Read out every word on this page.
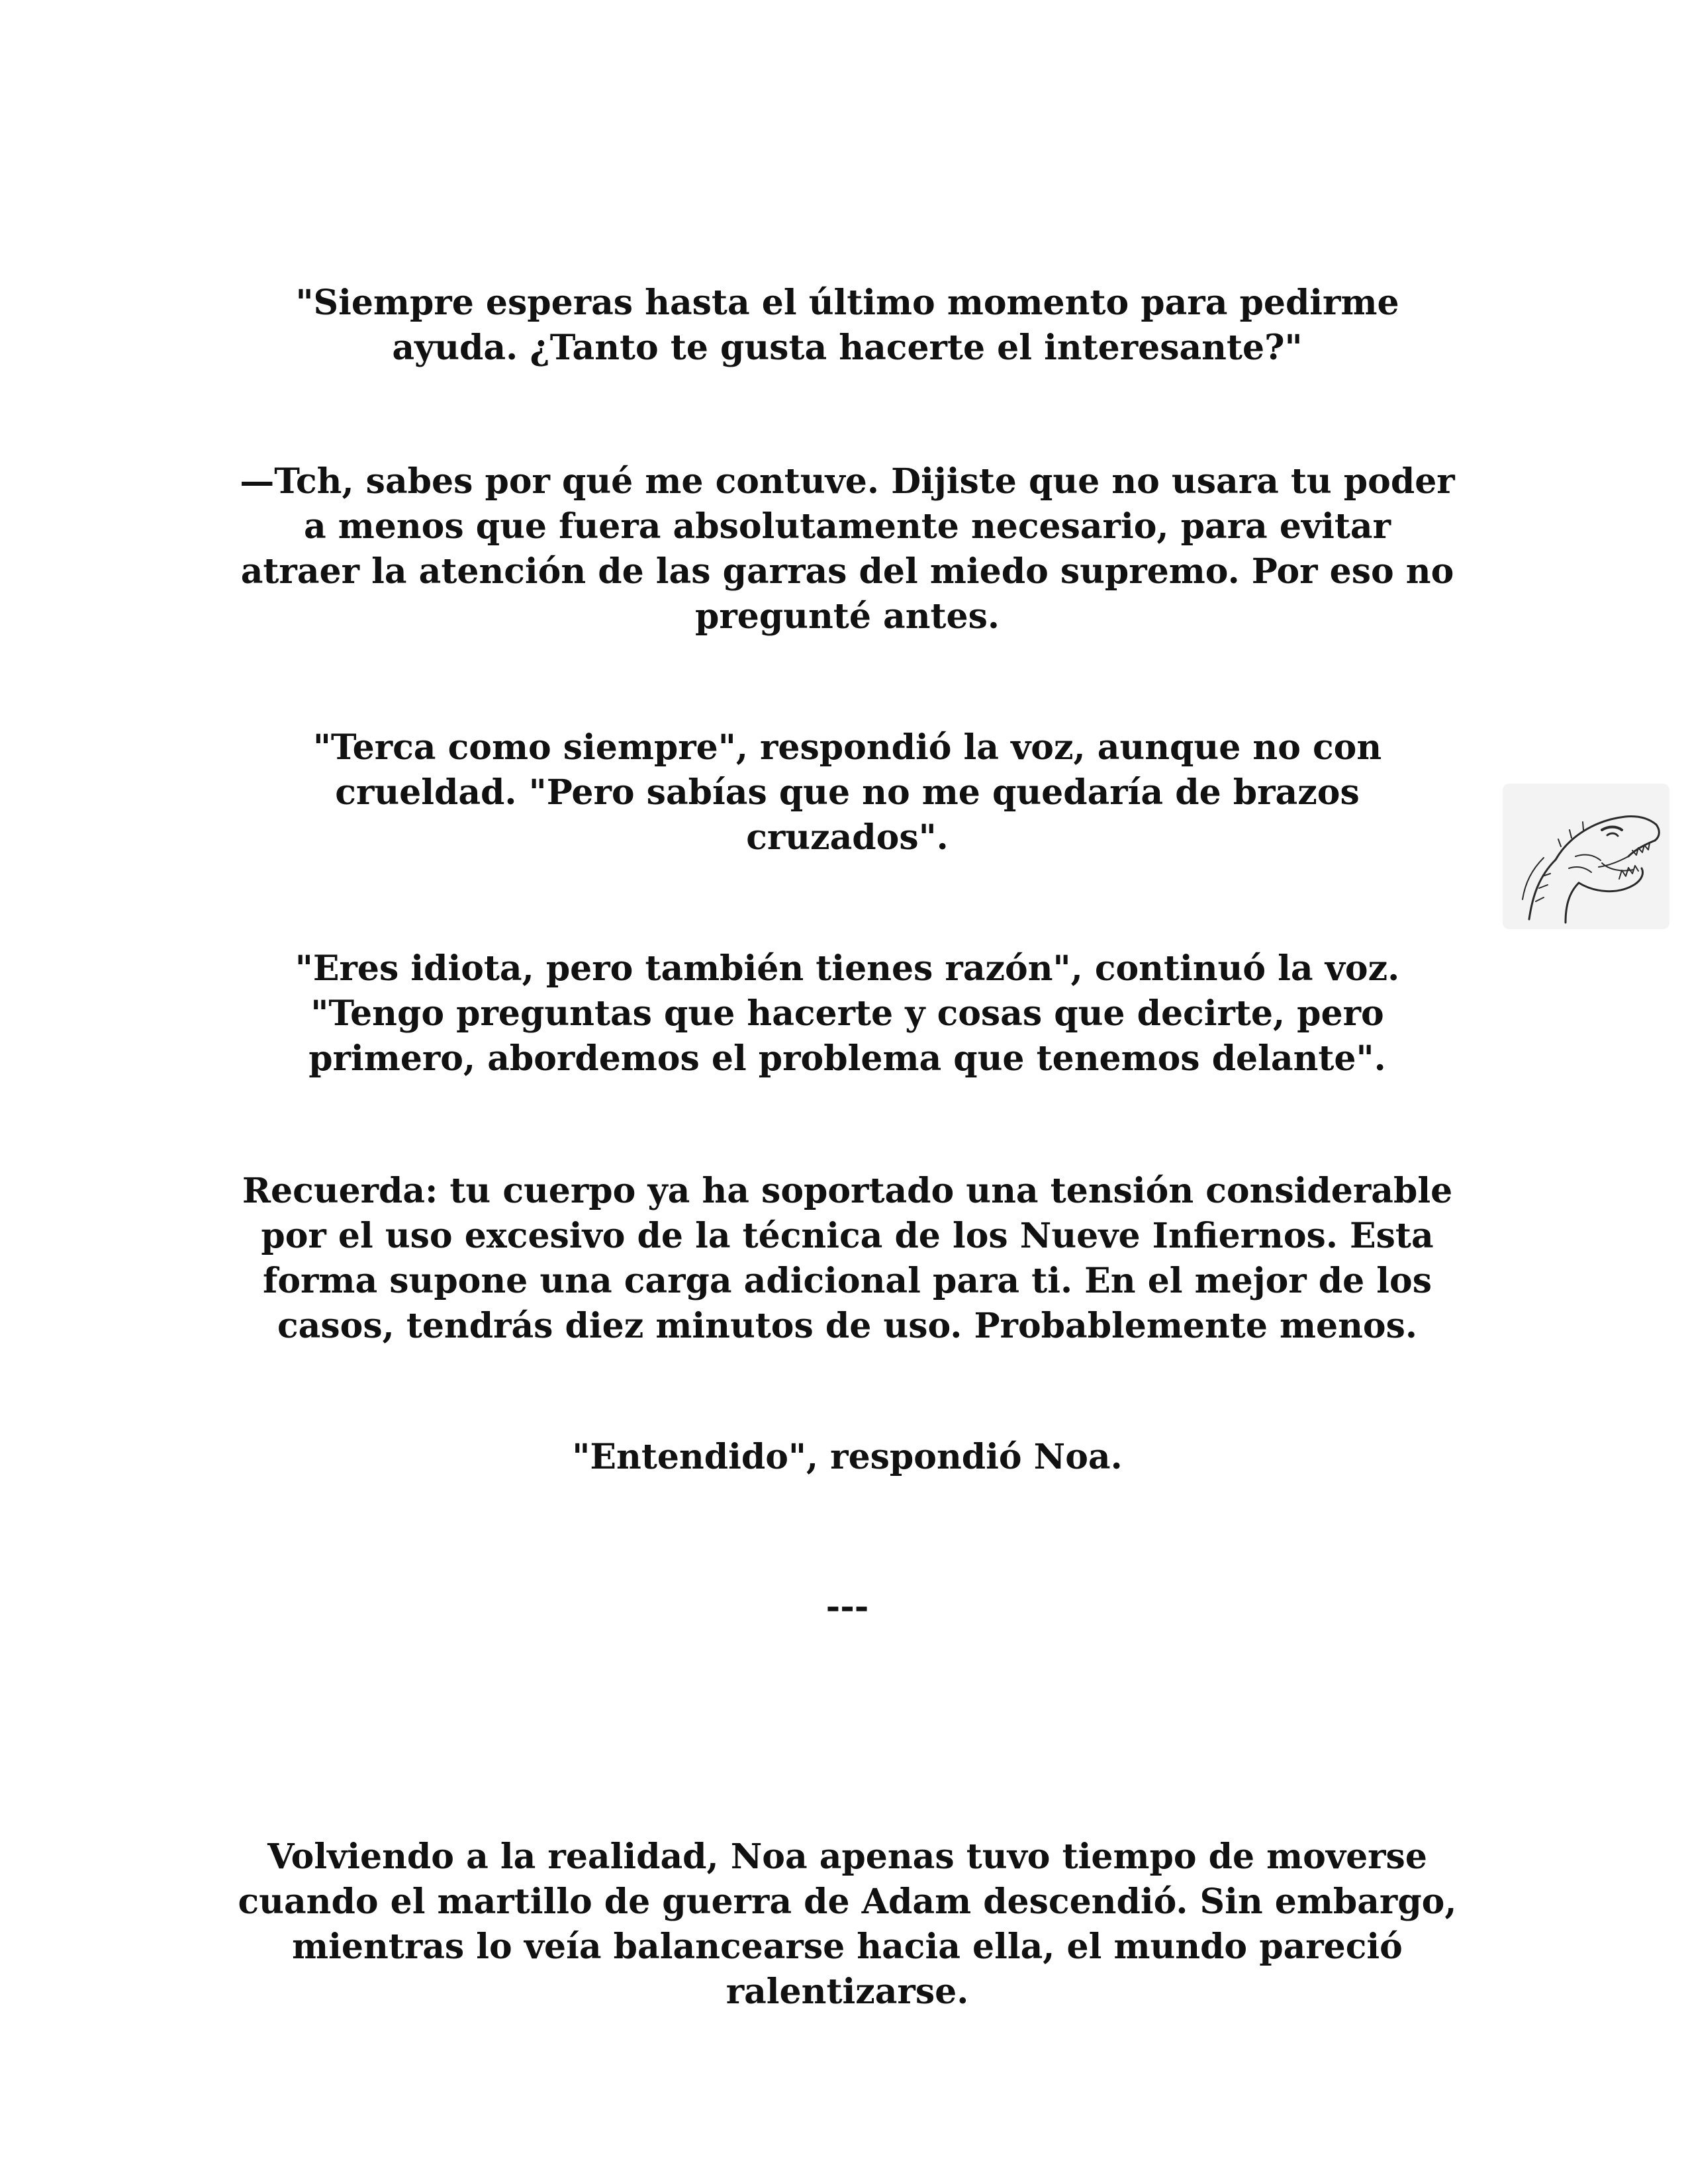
"Siempre esperas hasta el último momento para pedirme
ayuda. ¿Tanto te gusta hacerte el interesante?"
—Tch, sabes por qué me contuve. Dijiste que no usara tu poder
a menos que fuera absolutamente necesario, para evitar
atraer la atención de las garras del miedo supremo. Por eso no
pregunté antes.
"Terca como siempre", respondió la voz, aunque no con
crueldad. "Pero sabías que no me quedaría de brazos
cruzados".
"Eres idiota, pero también tienes razón", continuó la voz.
"Tengo preguntas que hacerte y cosas que decirte, pero
primero, abordemos el problema que tenemos delante".
Recuerda: tu cuerpo ya ha soportado una tensión considerable
por el uso excesivo de la técnica de los Nueve Infiernos. Esta
forma supone una carga adicional para ti. En el mejor de los
casos, tendrás diez minutos de uso. Probablemente menos.
"Entendido", respondió Noa.
---
Volviendo a la realidad, Noa apenas tuvo tiempo de moverse
cuando el martillo de guerra de Adam descendió. Sin embargo,
mientras lo veía balancearse hacia ella, el mundo pareció
ralentizarse.
